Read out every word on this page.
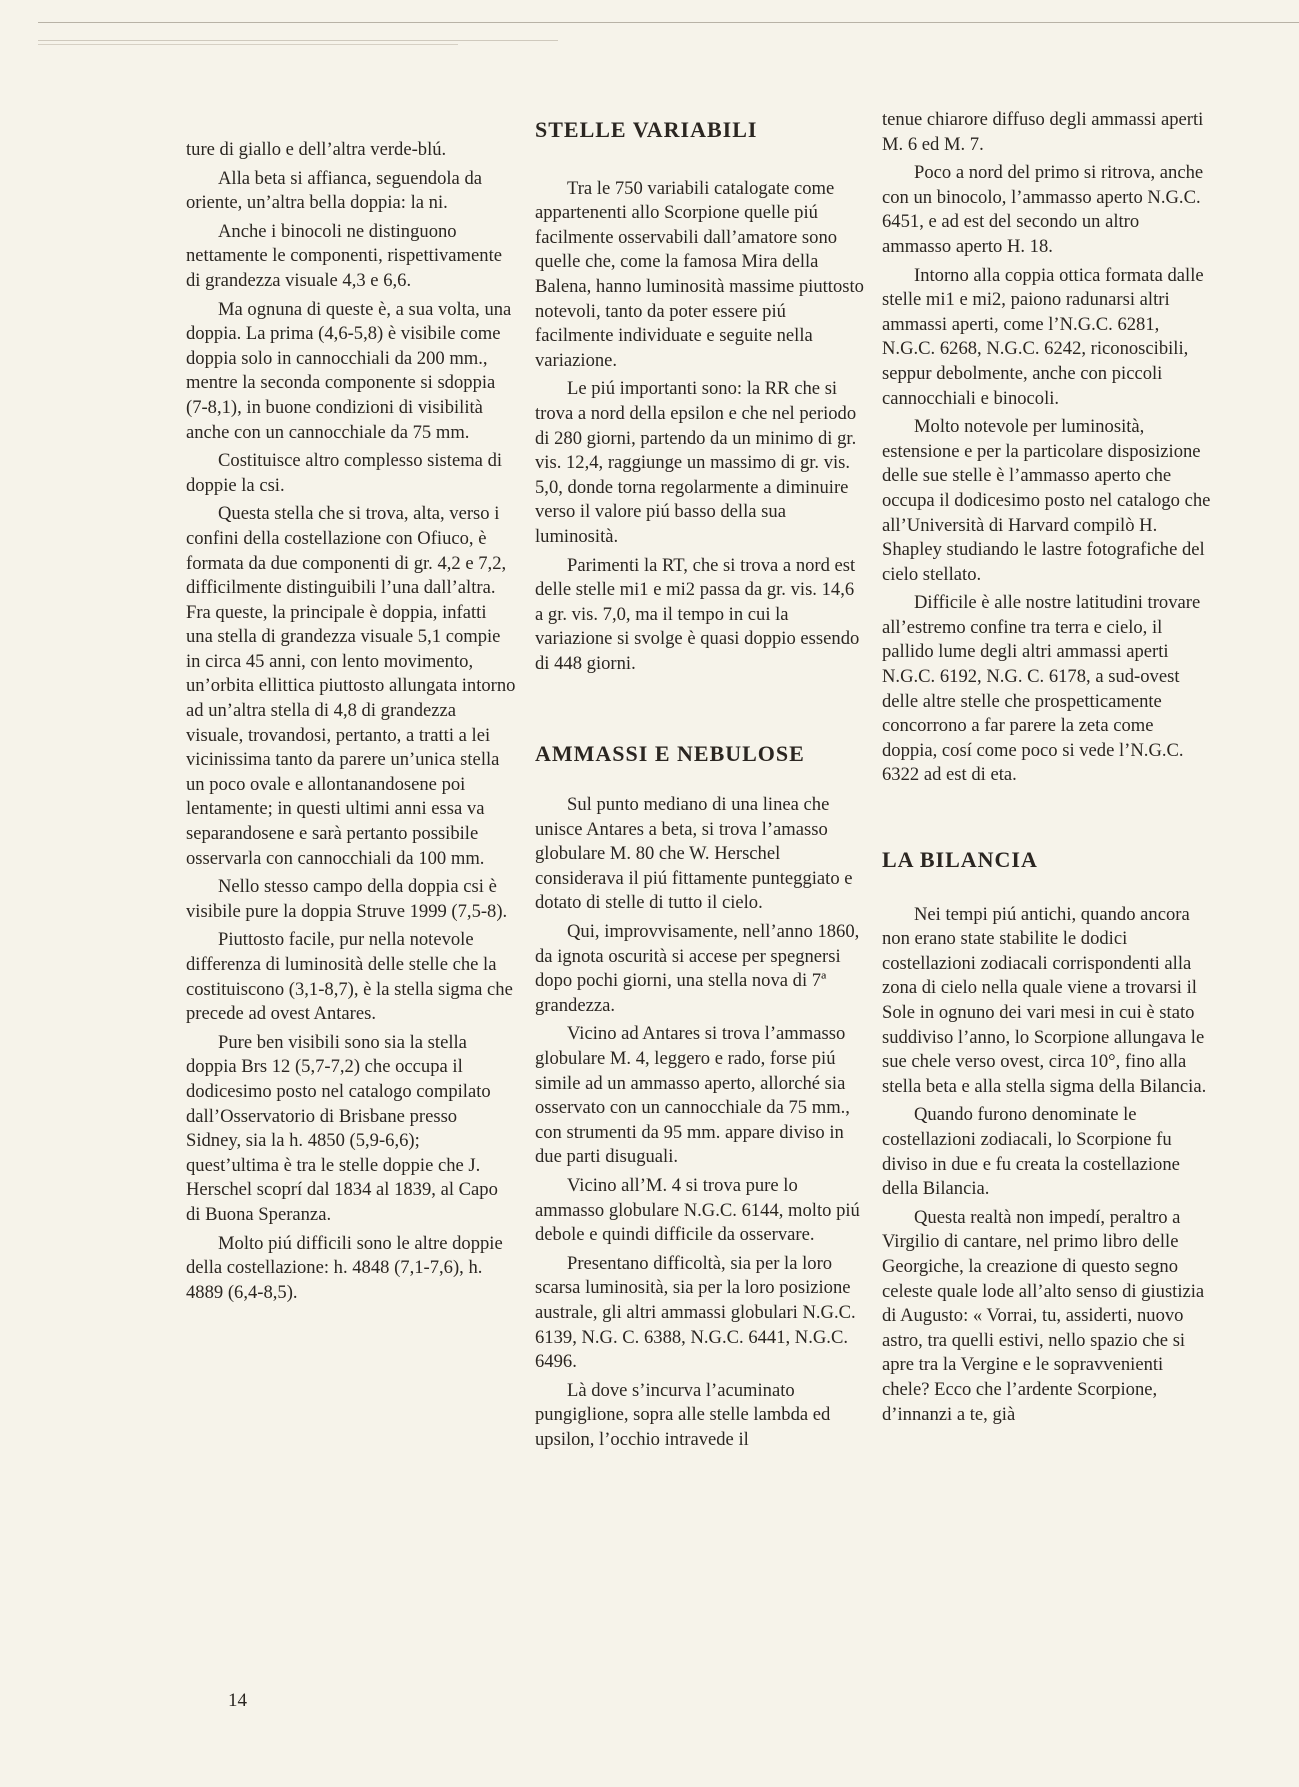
ture di giallo e dell’altra verde-blú.

Alla beta si affianca, seguendola da oriente, un’altra bella doppia: la ni.

Anche i binocoli ne distinguono nettamente le componenti, rispettivamente di grandezza visuale 4,3 e 6,6.

Ma ognuna di queste è, a sua volta, una doppia. La prima (4,6-5,8) è visibile come doppia solo in cannocchiali da 200 mm., mentre la seconda componente si sdoppia (7-8,1), in buone condizioni di visibilità anche con un cannocchiale da 75 mm.

Costituisce altro complesso sistema di doppie la csi.

Questa stella che si trova, alta, verso i confini della costellazione con Ofiuco, è formata da due componenti di gr. 4,2 e 7,2, difficilmente distinguibili l’una dall’altra. Fra queste, la principale è doppia, infatti una stella di grandezza visuale 5,1 compie in circa 45 anni, con lento movimento, un’orbita ellittica piuttosto allungata intorno ad un’altra stella di 4,8 di grandezza visuale, trovandosi, pertanto, a tratti a lei vicinissima tanto da parere un’unica stella un poco ovale e allontanandosene poi lentamente; in questi ultimi anni essa va separandosene e sarà pertanto possibile osservarla con cannocchiali da 100 mm.

Nello stesso campo della doppia csi è visibile pure la doppia Struve 1999 (7,5-8).

Piuttosto facile, pur nella notevole differenza di luminosità delle stelle che la costituiscono (3,1-8,7), è la stella sigma che precede ad ovest Antares.

Pure ben visibili sono sia la stella doppia Brs 12 (5,7-7,2) che occupa il dodicesimo posto nel catalogo compilato dall’Osservatorio di Brisbane presso Sidney, sia la h. 4850 (5,9-6,6); quest’ultima è tra le stelle doppie che J. Herschel scoprí dal 1834 al 1839, al Capo di Buona Speranza.

Molto piú difficili sono le altre doppie della costellazione: h. 4848 (7,1-7,6), h. 4889 (6,4-8,5).

STELLE VARIABILI

Tra le 750 variabili catalogate come appartenenti allo Scorpione quelle piú facilmente osservabili dall’amatore sono quelle che, come la famosa Mira della Balena, hanno luminosità massime piuttosto notevoli, tanto da poter essere piú facilmente individuate e seguite nella variazione.

Le piú importanti sono: la RR che si trova a nord della epsilon e che nel periodo di 280 giorni, partendo da un minimo di gr. vis. 12,4, raggiunge un massimo di gr. vis. 5,0, donde torna regolarmente a diminuire verso il valore piú basso della sua luminosità.

Parimenti la RT, che si trova a nord est delle stelle mi1 e mi2 passa da gr. vis. 14,6 a gr. vis. 7,0, ma il tempo in cui la variazione si svolge è quasi doppio essendo di 448 giorni.

AMMASSI E NEBULOSE

Sul punto mediano di una linea che unisce Antares a beta, si trova l’amasso globulare M. 80 che W. Herschel considerava il piú fittamente punteggiato e dotato di stelle di tutto il cielo.

Qui, improvvisamente, nell’anno 1860, da ignota oscurità si accese per spegnersi dopo pochi giorni, una stella nova di 7ª grandezza.

Vicino ad Antares si trova l’ammasso globulare M. 4, leggero e rado, forse piú simile ad un ammasso aperto, allorché sia osservato con un cannocchiale da 75 mm., con strumenti da 95 mm. appare diviso in due parti disuguali.

Vicino all’M. 4 si trova pure lo ammasso globulare N.G.C. 6144, molto piú debole e quindi difficile da osservare.

Presentano difficoltà, sia per la loro scarsa luminosità, sia per la loro posizione australe, gli altri ammassi globulari N.G.C. 6139, N.G. C. 6388, N.G.C. 6441, N.G.C. 6496.

Là dove s’incurva l’acuminato pungiglione, sopra alle stelle lambda ed upsilon, l’occhio intravede il

tenue chiarore diffuso degli ammassi aperti M. 6 ed M. 7.

Poco a nord del primo si ritrova, anche con un binocolo, l’ammasso aperto N.G.C. 6451, e ad est del secondo un altro ammasso aperto H. 18.

Intorno alla coppia ottica formata dalle stelle mi1 e mi2, paiono radunarsi altri ammassi aperti, come l’N.G.C. 6281, N.G.C. 6268, N.G.C. 6242, riconoscibili, seppur debolmente, anche con piccoli cannocchiali e binocoli.

Molto notevole per luminosità, estensione e per la particolare disposizione delle sue stelle è l’ammasso aperto che occupa il dodicesimo posto nel catalogo che all’Università di Harvard compilò H. Shapley studiando le lastre fotografiche del cielo stellato.

Difficile è alle nostre latitudini trovare all’estremo confine tra terra e cielo, il pallido lume degli altri ammassi aperti N.G.C. 6192, N.G. C. 6178, a sud-ovest delle altre stelle che prospetticamente concorrono a far parere la zeta come doppia, cosí come poco si vede l’N.G.C. 6322 ad est di eta.

LA BILANCIA

Nei tempi piú antichi, quando ancora non erano state stabilite le dodici costellazioni zodiacali corrispondenti alla zona di cielo nella quale viene a trovarsi il Sole in ognuno dei vari mesi in cui è stato suddiviso l’anno, lo Scorpione allungava le sue chele verso ovest, circa 10°, fino alla stella beta e alla stella sigma della Bilancia.

Quando furono denominate le costellazioni zodiacali, lo Scorpione fu diviso in due e fu creata la costellazione della Bilancia.

Questa realtà non impedí, peraltro a Virgilio di cantare, nel primo libro delle Georgiche, la creazione di questo segno celeste quale lode all’alto senso di giustizia di Augusto: « Vorrai, tu, assiderti, nuovo astro, tra quelli estivi, nello spazio che si apre tra la Vergine e le sopravvenienti chele? Ecco che l’ardente Scorpione, d’innanzi a te, già

14
